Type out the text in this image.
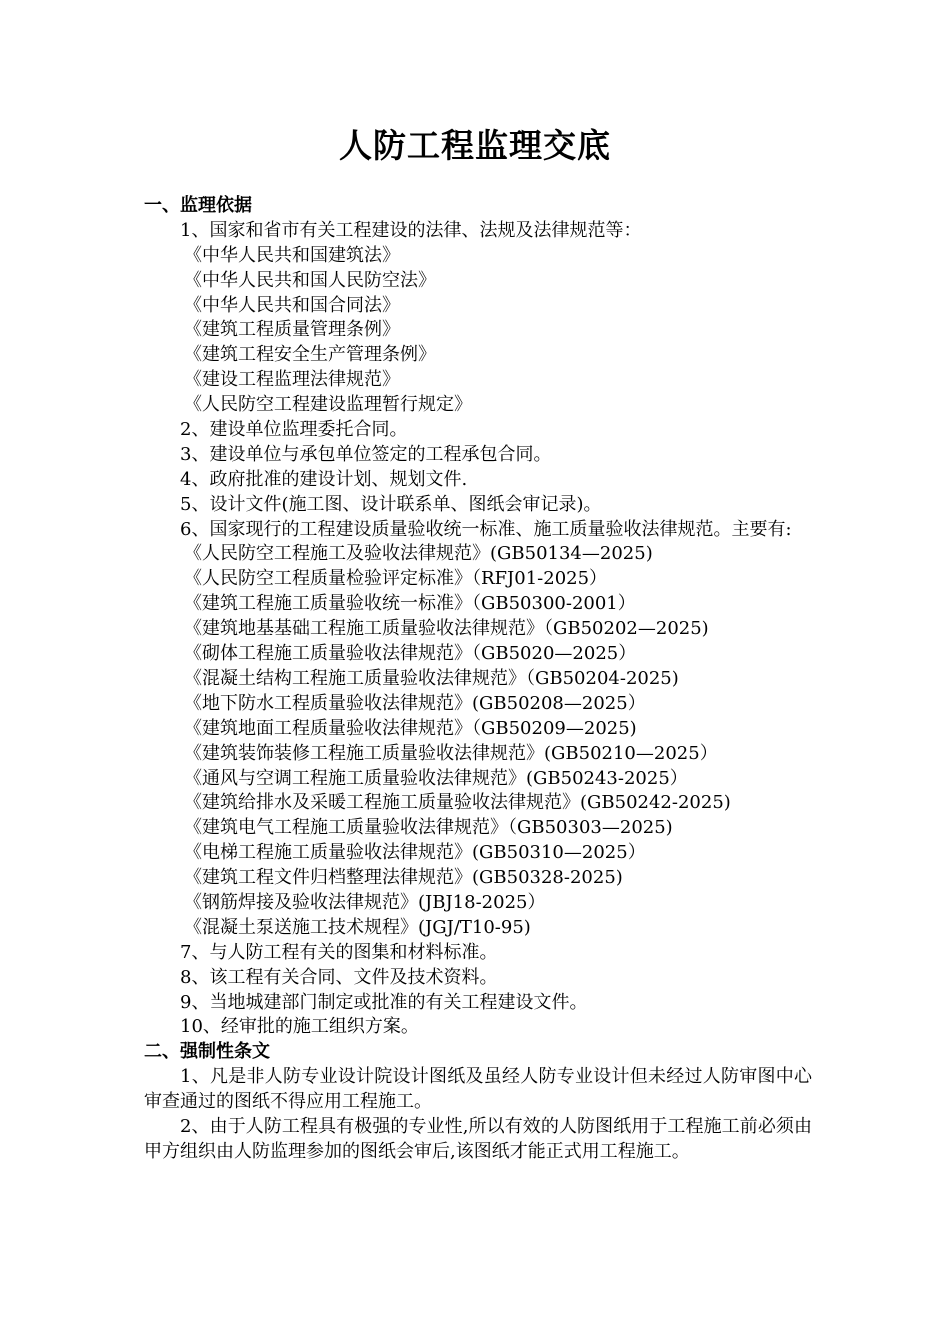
人防工程监理交底
一、监理依据
1、国家和省市有关工程建设的法律、法规及法律规范等：
《中华人民共和国建筑法》
《中华人民共和国人民防空法》
《中华人民共和国合同法》
《建筑工程质量管理条例》
《建筑工程安全生产管理条例》
《建设工程监理法律规范》
《人民防空工程建设监理暂行规定》
2、建设单位监理委托合同。
3、建设单位与承包单位签定的工程承包合同。
4、政府批准的建设计划、规划文件.
5、设计文件(施工图、设计联系单、图纸会审记录)。
6、国家现行的工程建设质量验收统一标准、施工质量验收法律规范。主要有:
《人民防空工程施工及验收法律规范》(GB50134—2025)
《人民防空工程质量检验评定标准》（RFJ01-2025）
《建筑工程施工质量验收统一标准》（GB50300-2001）
《建筑地基基础工程施工质量验收法律规范》（GB50202—2025)
《砌体工程施工质量验收法律规范》（GB5020—2025）
《混凝土结构工程施工质量验收法律规范》（GB50204-2025)
《地下防水工程质量验收法律规范》(GB50208—2025）
《建筑地面工程质量验收法律规范》（GB50209—2025)
《建筑装饰装修工程施工质量验收法律规范》(GB50210—2025）
《通风与空调工程施工质量验收法律规范》(GB50243-2025）
《建筑给排水及采暖工程施工质量验收法律规范》(GB50242-2025)
《建筑电气工程施工质量验收法律规范》（GB50303—2025)
《电梯工程施工质量验收法律规范》(GB50310—2025）
《建筑工程文件归档整理法律规范》(GB50328-2025)
《钢筋焊接及验收法律规范》(JBJ18-2025）
《混凝土泵送施工技术规程》(JGJ/T10-95)
7、与人防工程有关的图集和材料标准。
8、该工程有关合同、文件及技术资料。
9、当地城建部门制定或批准的有关工程建设文件。
10、经审批的施工组织方案。
二、强制性条文
1、凡是非人防专业设计院设计图纸及虽经人防专业设计但未经过人防审图中心审查通过的图纸不得应用工程施工。
2、由于人防工程具有极强的专业性,所以有效的人防图纸用于工程施工前必须由甲方组织由人防监理参加的图纸会审后,该图纸才能正式用工程施工。
